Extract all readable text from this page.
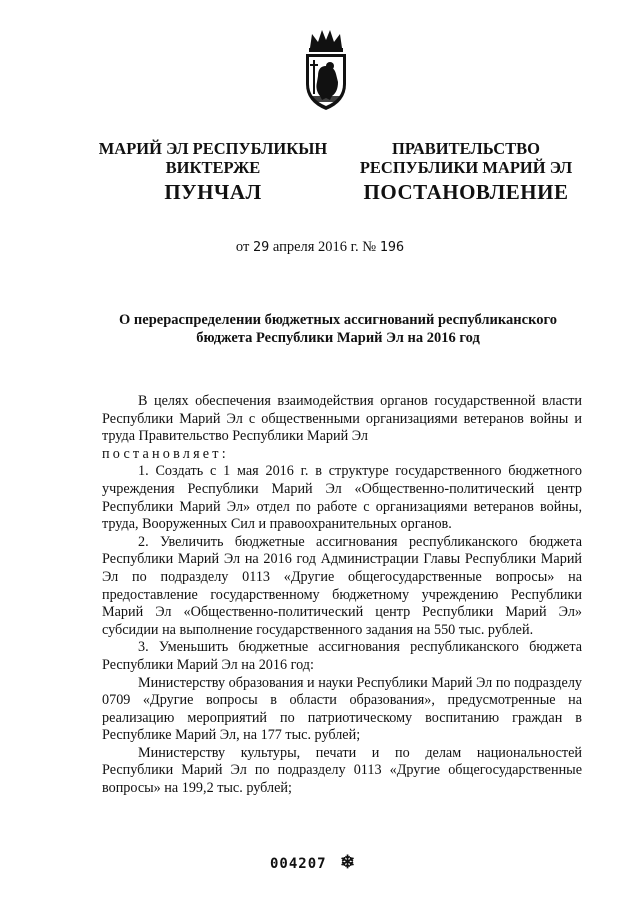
МАРИЙ ЭЛ РЕСПУБЛИКЫН
ВИКТЕРЖЕ
ПРАВИТЕЛЬСТВО
РЕСПУБЛИКИ МАРИЙ ЭЛ
ПУНЧАЛ	ПОСТАНОВЛЕНИЕ
от 29 апреля 2016 г. № 196
О перераспределении бюджетных ассигнований республиканского
бюджета Республики Марий Эл на 2016 год

В целях обеспечения взаимодействия органов государственной власти Республики Марий Эл с общественными организациями ветеранов войны и труда Правительство Республики Марий Эл
постановляет:

1. Создать с 1 мая 2016 г. в структуре государственного бюджетного учреждения Республики Марий Эл «Общественно-политический центр Республики Марий Эл» отдел по работе с организациями ветеранов войны, труда, Вооруженных Сил и правоохранительных органов.

2. Увеличить бюджетные ассигнования республиканского бюджета Республики Марий Эл на 2016 год Администрации Главы Республики Марий Эл по подразделу 0113 «Другие общегосударственные вопросы» на предоставление государственному бюджетному учреждению Республики Марий Эл «Общественно-политический центр Республики Марий Эл» субсидии на выполнение государственного задания на 550 тыс. рублей.

3. Уменьшить бюджетные ассигнования республиканского бюджета Республики Марий Эл на 2016 год:

Министерству образования и науки Республики Марий Эл по подразделу 0709 «Другие вопросы в области образования», предусмотренные на реализацию мероприятий по патриотическому воспитанию граждан в Республике Марий Эл, на 177 тыс. рублей;

Министерству культуры, печати и по делам национальностей Республики Марий Эл по подразделу 0113 «Другие общегосударственные вопросы» на 199,2 тыс. рублей;

004207 ❄
